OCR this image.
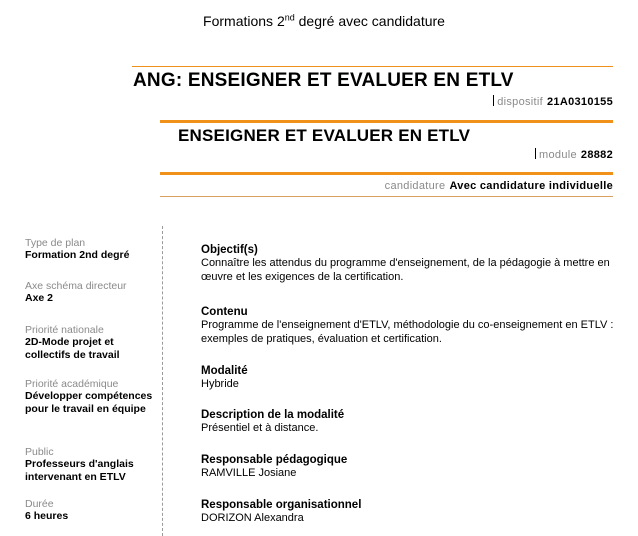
Formations 2nd degré avec candidature
ANG: ENSEIGNER ET EVALUER EN ETLV
dispositif 21A0310155
ENSEIGNER ET EVALUER EN ETLV
module 28882
candidature Avec candidature individuelle
Type de plan
Formation 2nd degré
Axe schéma directeur
Axe 2
Priorité nationale
2D-Mode projet et collectifs de travail
Priorité académique
Développer compétences pour le travail en équipe
Public
Professeurs d'anglais intervenant en ETLV
Durée
6 heures
Objectif(s)
Connaître les attendus du programme d'enseignement, de la pédagogie à mettre en œuvre et les exigences de la certification.
Contenu
Programme de l'enseignement d'ETLV, méthodologie du co-enseignement en ETLV : exemples de pratiques, évaluation et certification.
Modalité
Hybride
Description de la modalité
Présentiel et à distance.
Responsable pédagogique
RAMVILLE Josiane
Responsable organisationnel
DORIZON Alexandra
